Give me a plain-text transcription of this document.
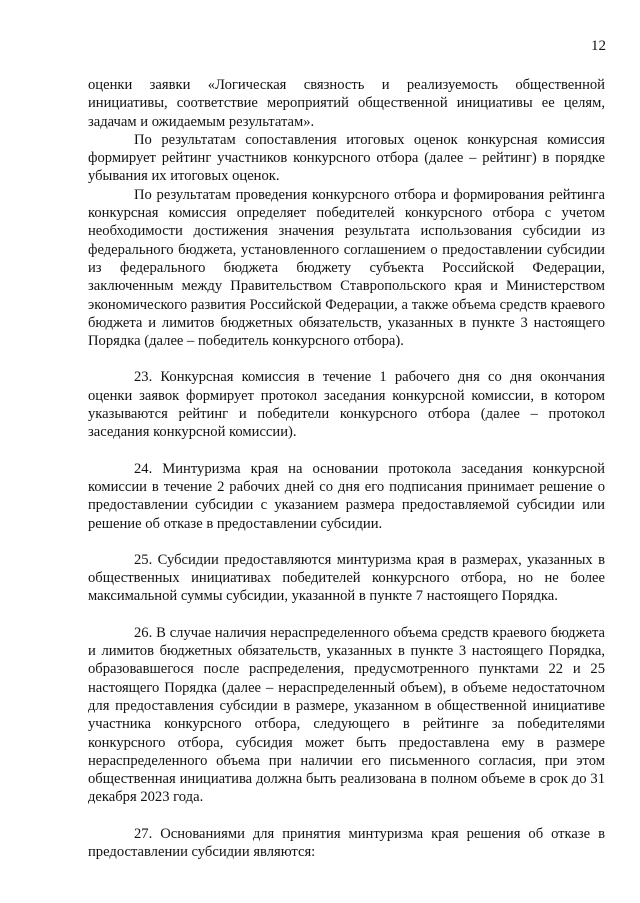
12

оценки заявки «Логическая связность и реализуемость общественной инициативы, соответствие мероприятий общественной инициативы ее целям, задачам и ожидаемым результатам».

По результатам сопоставления итоговых оценок конкурсная комиссия формирует рейтинг участников конкурсного отбора (далее – рейтинг) в порядке убывания их итоговых оценок.

По результатам проведения конкурсного отбора и формирования рейтинга конкурсная комиссия определяет победителей конкурсного отбора с учетом необходимости достижения значения результата использования субсидии из федерального бюджета, установленного соглашением о предоставлении субсидии из федерального бюджета бюджету субъекта Российской Федерации, заключенным между Правительством Ставропольского края и Министерством экономического развития Российской Федерации, а также объема средств краевого бюджета и лимитов бюджетных обязательств, указанных в пункте 3 настоящего Порядка (далее – победитель конкурсного отбора).

23. Конкурсная комиссия в течение 1 рабочего дня со дня окончания оценки заявок формирует протокол заседания конкурсной комиссии, в котором указываются рейтинг и победители конкурсного отбора (далее – протокол заседания конкурсной комиссии).

24. Минтуризма края на основании протокола заседания конкурсной комиссии в течение 2 рабочих дней со дня его подписания принимает решение о предоставлении субсидии с указанием размера предоставляемой субсидии или решение об отказе в предоставлении субсидии.

25. Субсидии предоставляются минтуризма края в размерах, указанных в общественных инициативах победителей конкурсного отбора, но не более максимальной суммы субсидии, указанной в пункте 7 настоящего Порядка.

26. В случае наличия нераспределенного объема средств краевого бюджета и лимитов бюджетных обязательств, указанных в пункте 3 настоящего Порядка, образовавшегося после распределения, предусмотренного пунктами 22 и 25 настоящего Порядка (далее – нераспределенный объем), в объеме недостаточном для предоставления субсидии в размере, указанном в общественной инициативе участника конкурсного отбора, следующего в рейтинге за победителями конкурсного отбора, субсидия может быть предоставлена ему в размере нераспределенного объема при наличии его письменного согласия, при этом общественная инициатива должна быть реализована в полном объеме в срок до 31 декабря 2023 года.

27. Основаниями для принятия минтуризма края решения об отказе в предоставлении субсидии являются:
